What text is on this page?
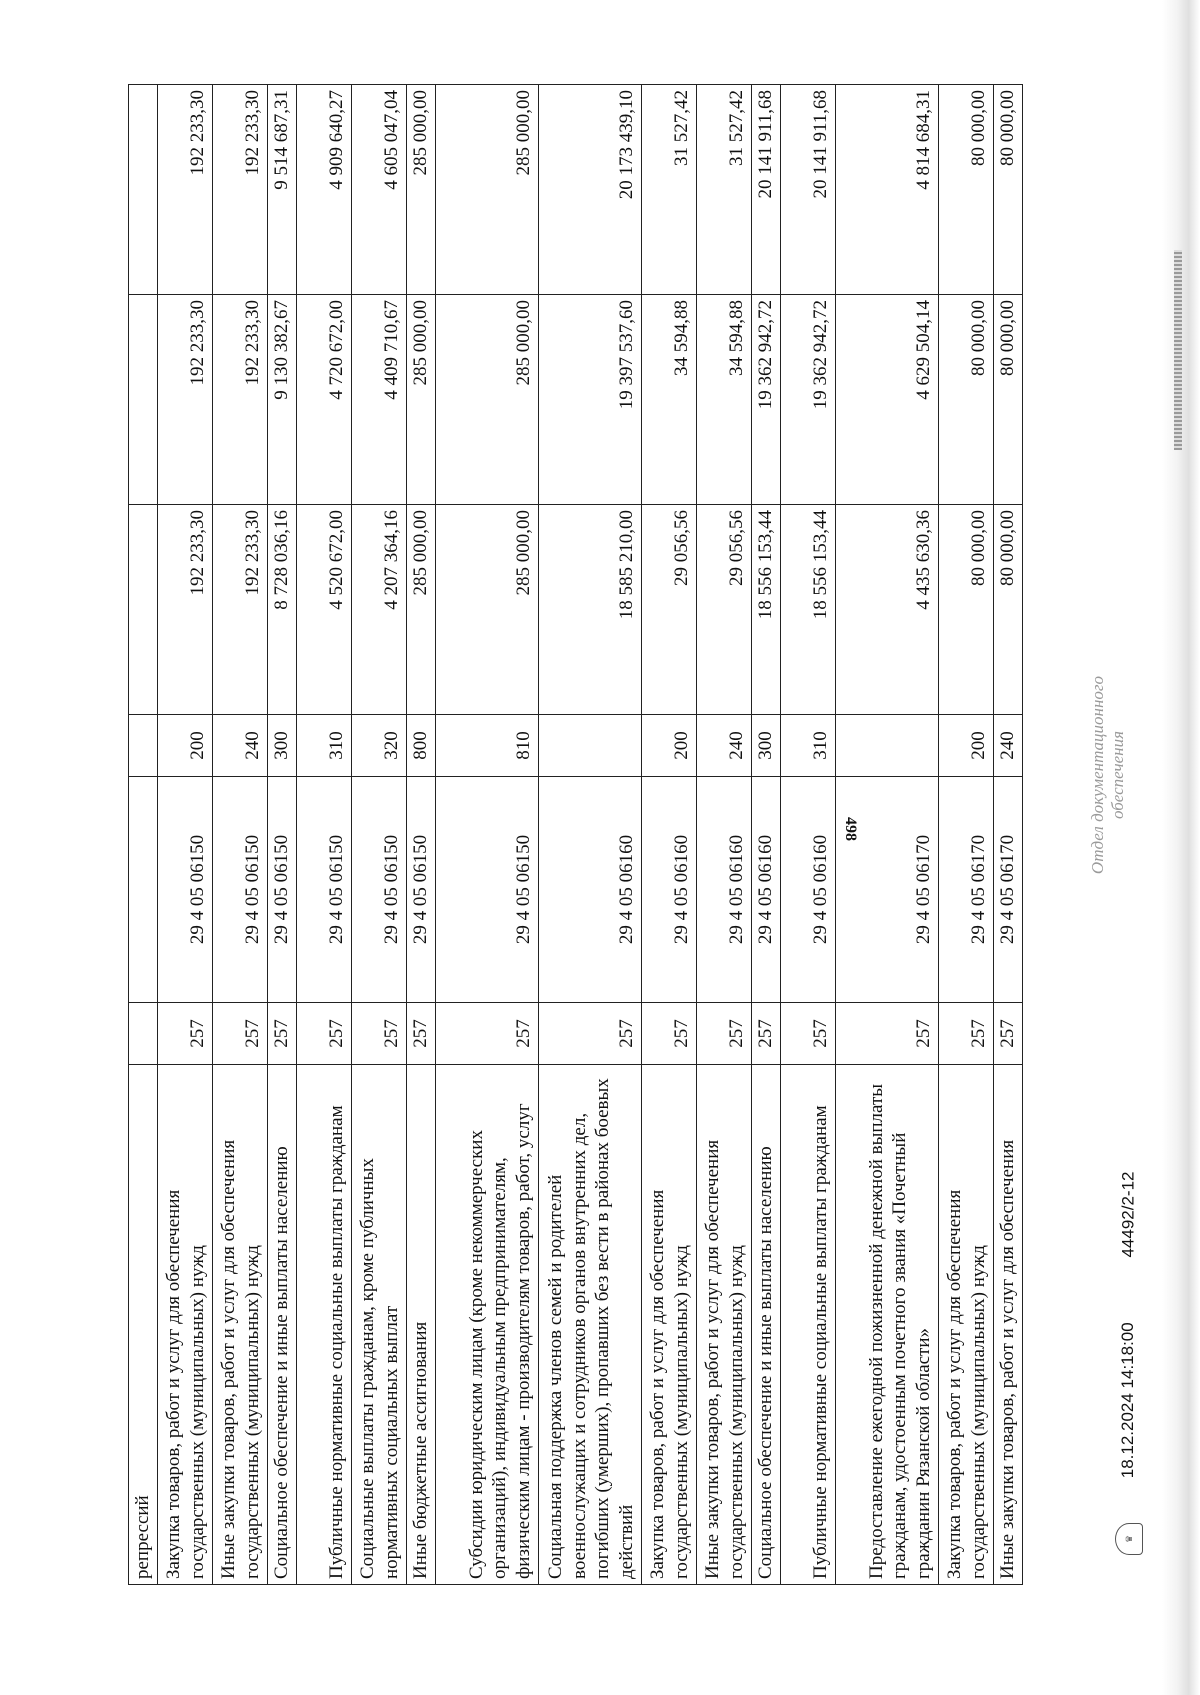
498
репрессий						
Закупка товаров, работ и услуг для обеспечения государственных (муниципальных) нужд	257	29 4 05 06150	200	192 233,30	192 233,30	192 233,30
Иные закупки товаров, работ и услуг для обеспечения государственных (муниципальных) нужд	257	29 4 05 06150	240	192 233,30	192 233,30	192 233,30
Социальное обеспечение и иные выплаты населению	257	29 4 05 06150	300	8 728 036,16	9 130 382,67	9 514 687,31
Публичные нормативные социальные выплаты гражданам	257	29 4 05 06150	310	4 520 672,00	4 720 672,00	4 909 640,27
Социальные выплаты гражданам, кроме публичных нормативных социальных выплат	257	29 4 05 06150	320	4 207 364,16	4 409 710,67	4 605 047,04
Иные бюджетные ассигнования	257	29 4 05 06150	800	285 000,00	285 000,00	285 000,00
Субсидии юридическим лицам (кроме некоммерческих организаций), индивидуальным предпринимателям, физическим лицам - производителям товаров, работ, услуг	257	29 4 05 06150	810	285 000,00	285 000,00	285 000,00
Социальная поддержка членов семей и родителей военнослужащих и сотрудников органов внутренних дел, погибших (умерших), пропавших без вести в районах боевых действий	257	29 4 05 06160		18 585 210,00	19 397 537,60	20 173 439,10
Закупка товаров, работ и услуг для обеспечения государственных (муниципальных) нужд	257	29 4 05 06160	200	29 056,56	34 594,88	31 527,42
Иные закупки товаров, работ и услуг для обеспечения государственных (муниципальных) нужд	257	29 4 05 06160	240	29 056,56	34 594,88	31 527,42
Социальное обеспечение и иные выплаты населению	257	29 4 05 06160	300	18 556 153,44	19 362 942,72	20 141 911,68
Публичные нормативные социальные выплаты гражданам	257	29 4 05 06160	310	18 556 153,44	19 362 942,72	20 141 911,68
Предоставление ежегодной пожизненной денежной выплаты гражданам, удостоенным почетного звания «Почетный гражданин Рязанской области»	257	29 4 05 06170		4 435 630,36	4 629 504,14	4 814 684,31
Закупка товаров, работ и услуг для обеспечения государственных (муниципальных) нужд	257	29 4 05 06170	200	80 000,00	80 000,00	80 000,00
Иные закупки товаров, работ и услуг для обеспечения	257	29 4 05 06170	240	80 000,00	80 000,00	80 000,00
♛ 18.12.2024 14:18:00 44492/2-12
Отдел документационного обеспечения
